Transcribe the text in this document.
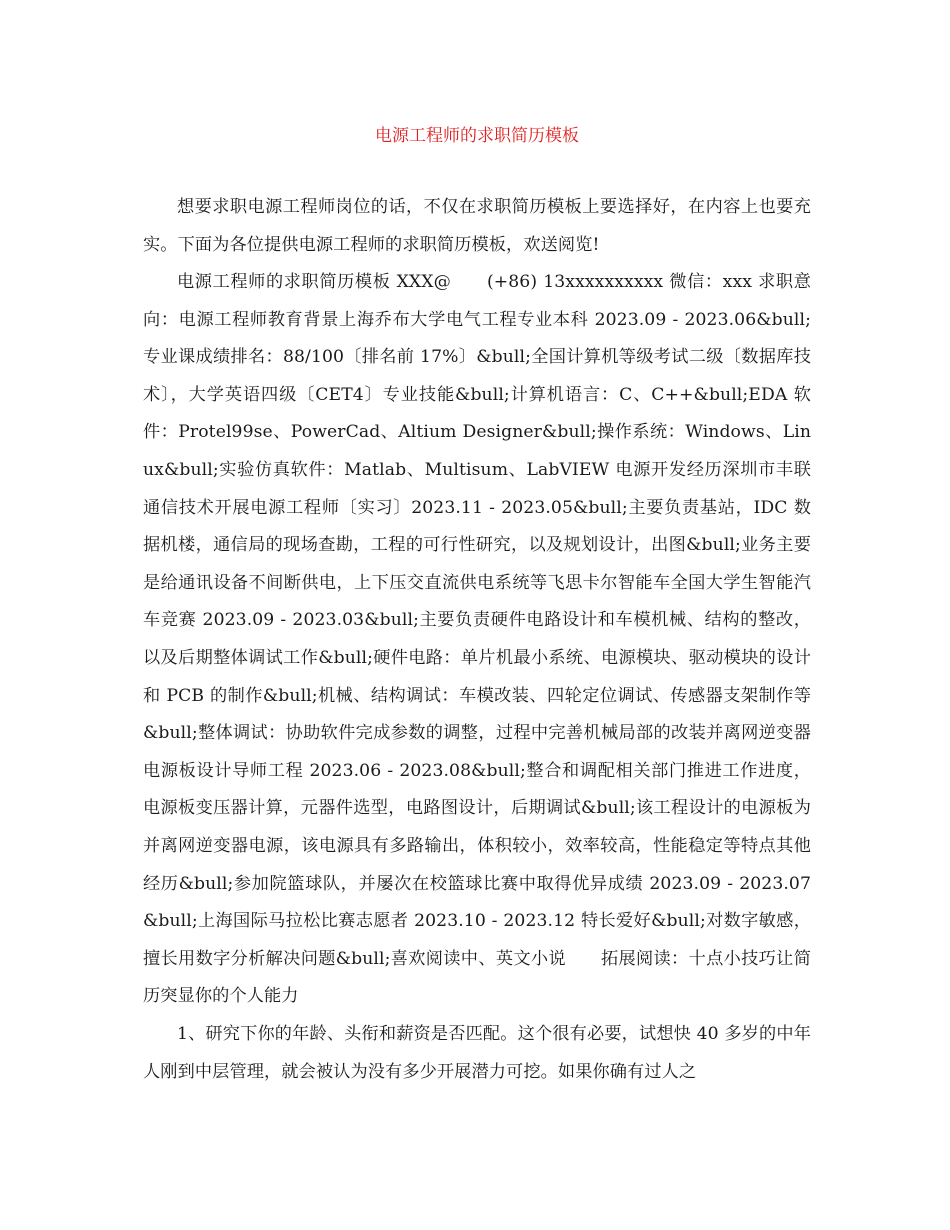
电源工程师的求职简历模板

想要求职电源工程师岗位的话，不仅在求职简历模板上要选择好，在内容上也要充实。下面为各位提供电源工程师的求职简历模板，欢送阅览!

电源工程师的求职简历模板 XXX@　　(+86) 13xxxxxxxxxx 微信：xxx 求职意向：电源工程师教育背景上海乔布大学电气工程专业本科 2023.09 - 2023.06&bull;专业课成绩排名：88/100〔排名前 17%〕&bull;全国计算机等级考试二级〔数据库技术〕，大学英语四级〔CET4〕专业技能&bull;计算机语言：C、C++&bull;EDA 软件：Protel99se、PowerCad、Altium Designer&bull;操作系统：Windows、Linux&bull;实验仿真软件：Matlab、Multisum、LabVIEW 电源开发经历深圳市丰联通信技术开展电源工程师〔实习〕2023.11 - 2023.05&bull;主要负责基站，IDC 数据机楼，通信局的现场查勘，工程的可行性研究，以及规划设计，出图&bull;业务主要是给通讯设备不间断供电，上下压交直流供电系统等飞思卡尔智能车全国大学生智能汽车竞赛 2023.09 - 2023.03&bull;主要负责硬件电路设计和车模机械、结构的整改，以及后期整体调试工作&bull;硬件电路：单片机最小系统、电源模块、驱动模块的设计和 PCB 的制作&bull;机械、结构调试：车模改装、四轮定位调试、传感器支架制作等&bull;整体调试：协助软件完成参数的调整，过程中完善机械局部的改装并离网逆变器电源板设计导师工程 2023.06 - 2023.08&bull;整合和调配相关部门推进工作进度，电源板变压器计算，元器件选型，电路图设计，后期调试&bull;该工程设计的电源板为并离网逆变器电源，该电源具有多路输出，体积较小，效率较高，性能稳定等特点其他经历&bull;参加院篮球队，并屡次在校篮球比赛中取得优异成绩 2023.09 - 2023.07&bull;上海国际马拉松比赛志愿者 2023.10 - 2023.12 特长爱好&bull;对数字敏感，擅长用数字分析解决问题&bull;喜欢阅读中、英文小说　　拓展阅读：十点小技巧让简历突显你的个人能力

1、研究下你的年龄、头衔和薪资是否匹配。这个很有必要，试想快 40 多岁的中年人刚到中层管理，就会被认为没有多少开展潜力可挖。如果你确有过人之
